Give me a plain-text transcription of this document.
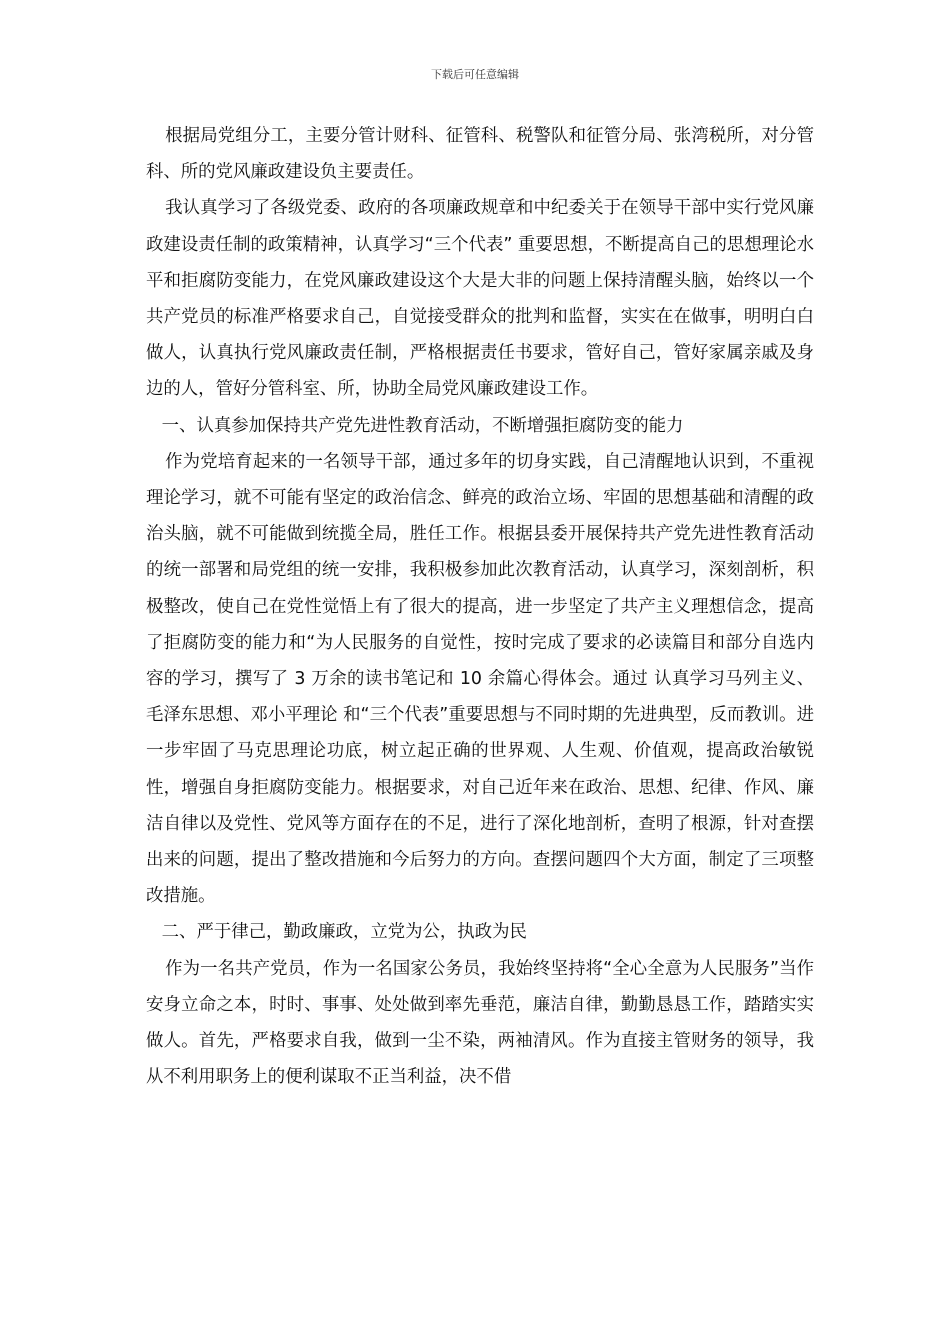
下载后可任意编辑

根据局党组分工，主要分管计财科、征管科、税警队和征管分局、张湾税所，对分管科、所的党风廉政建设负主要责任。

我认真学习了各级党委、政府的各项廉政规章和中纪委关于在领导干部中实行党风廉政建设责任制的政策精神，认真学习“三个代表” 重要思想，不断提高自己的思想理论水平和拒腐防变能力，在党风廉政建设这个大是大非的问题上保持清醒头脑，始终以一个共产党员的标准严格要求自己，自觉接受群众的批判和监督，实实在在做事，明明白白做人，认真执行党风廉政责任制，严格根据责任书要求，管好自己，管好家属亲戚及身边的人，管好分管科室、所，协助全局党风廉政建设工作。

一、认真参加保持共产党先进性教育活动，不断增强拒腐防变的能力

作为党培育起来的一名领导干部，通过多年的切身实践，自己清醒地认识到，不重视理论学习，就不可能有坚定的政治信念、鲜亮的政治立场、牢固的思想基础和清醒的政治头脑，就不可能做到统揽全局，胜任工作。根据县委开展保持共产党先进性教育活动的统一部署和局党组的统一安排，我积极参加此次教育活动，认真学习，深刻剖析，积极整改，使自己在党性觉悟上有了很大的提高，进一步坚定了共产主义理想信念，提高了拒腐防变的能力和“为人民服务的自觉性，按时完成了要求的必读篇目和部分自选内容的学习，撰写了 3 万余的读书笔记和 10 余篇心得体会。通过 认真学习马列主义、毛泽东思想、邓小平理论 和“三个代表”重要思想与不同时期的先进典型，反而教训。进一步牢固了马克思理论功底，树立起正确的世界观、人生观、价值观，提高政治敏锐性，增强自身拒腐防变能力。根据要求，对自己近年来在政治、思想、纪律、作风、廉洁自律以及党性、党风等方面存在的不足，进行了深化地剖析，查明了根源，针对查摆出来的问题，提出了整改措施和今后努力的方向。查摆问题四个大方面，制定了三项整改措施。

二、严于律己，勤政廉政，立党为公，执政为民

作为一名共产党员，作为一名国家公务员，我始终坚持将“全心全意为人民服务”当作安身立命之本，时时、事事、处处做到率先垂范，廉洁自律，勤勤恳恳工作，踏踏实实做人。首先，严格要求自我，做到一尘不染，两袖清风。作为直接主管财务的领导，我从不利用职务上的便利谋取不正当利益，决不借
